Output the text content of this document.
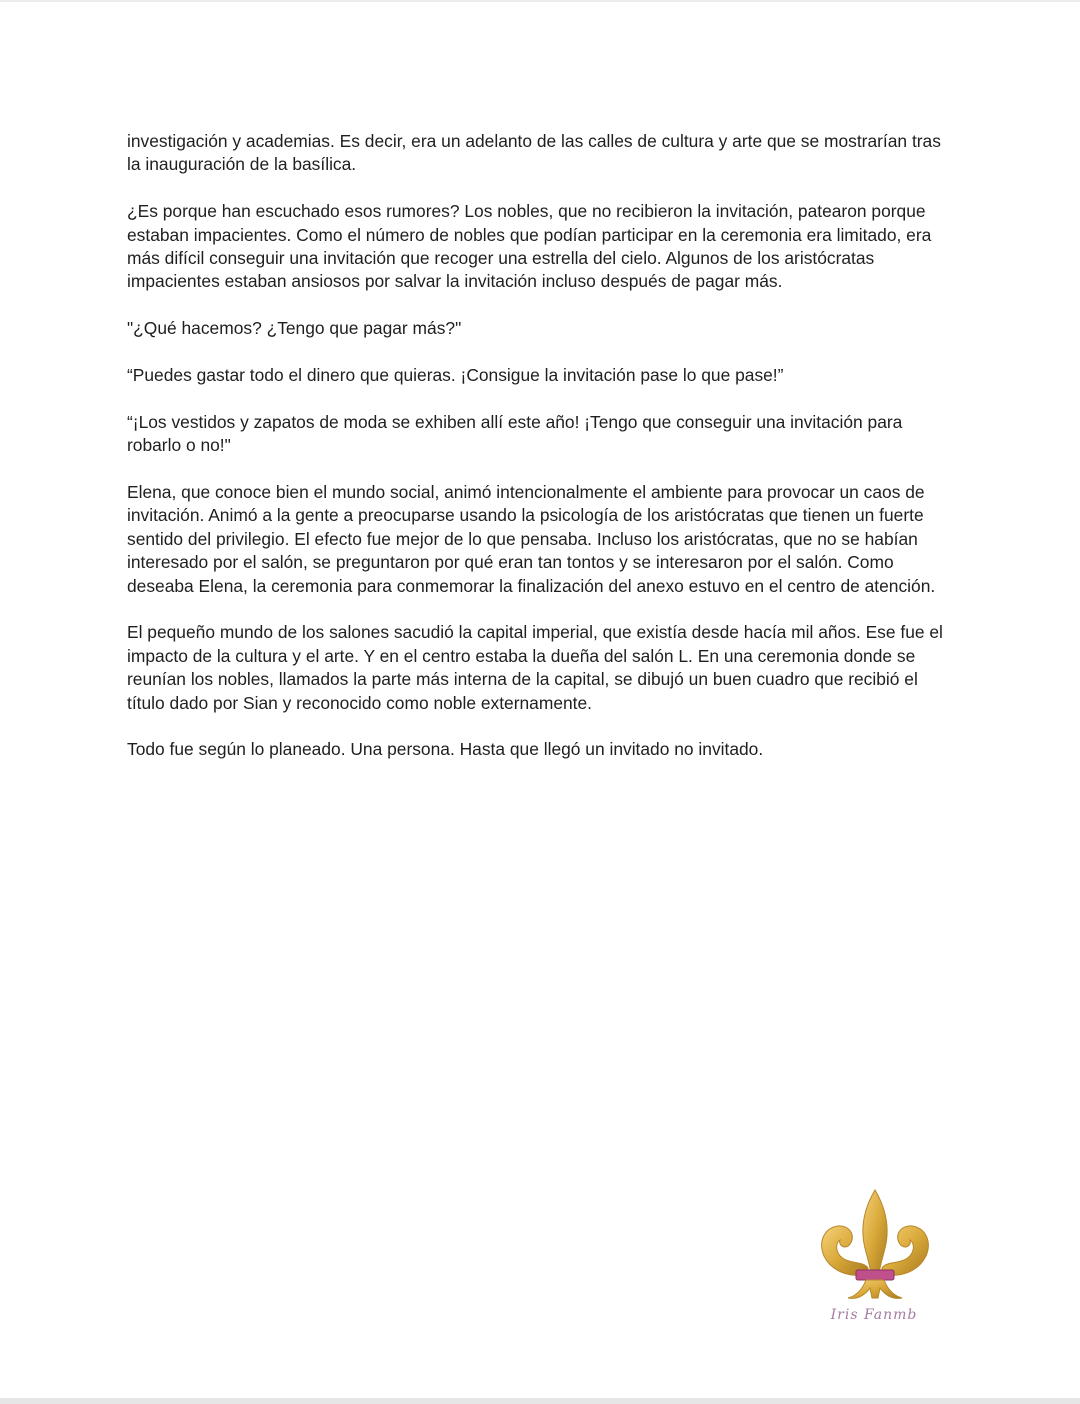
investigación y academias. Es decir, era un adelanto de las calles de cultura y arte que se mostrarían tras la inauguración de la basílica.

¿Es porque han escuchado esos rumores? Los nobles, que no recibieron la invitación, patearon porque estaban impacientes. Como el número de nobles que podían participar en la ceremonia era limitado, era más difícil conseguir una invitación que recoger una estrella del cielo. Algunos de los aristócratas impacientes estaban ansiosos por salvar la invitación incluso después de pagar más.

"¿Qué hacemos? ¿Tengo que pagar más?"

“Puedes gastar todo el dinero que quieras. ¡Consigue la invitación pase lo que pase!”

“¡Los vestidos y zapatos de moda se exhiben allí este año! ¡Tengo que conseguir una invitación para robarlo o no!"

Elena, que conoce bien el mundo social, animó intencionalmente el ambiente para provocar un caos de invitación. Animó a la gente a preocuparse usando la psicología de los aristócratas que tienen un fuerte sentido del privilegio. El efecto fue mejor de lo que pensaba. Incluso los aristócratas, que no se habían interesado por el salón, se preguntaron por qué eran tan tontos y se interesaron por el salón. Como deseaba Elena, la ceremonia para conmemorar la finalización del anexo estuvo en el centro de atención.

El pequeño mundo de los salones sacudió la capital imperial, que existía desde hacía mil años. Ese fue el impacto de la cultura y el arte. Y en el centro estaba la dueña del salón L. En una ceremonia donde se reunían los nobles, llamados la parte más interna de la capital, se dibujó un buen cuadro que recibió el título dado por Sian y reconocido como noble externamente.

Todo fue según lo planeado. Una persona. Hasta que llegó un invitado no invitado.

Iris Fanmb
